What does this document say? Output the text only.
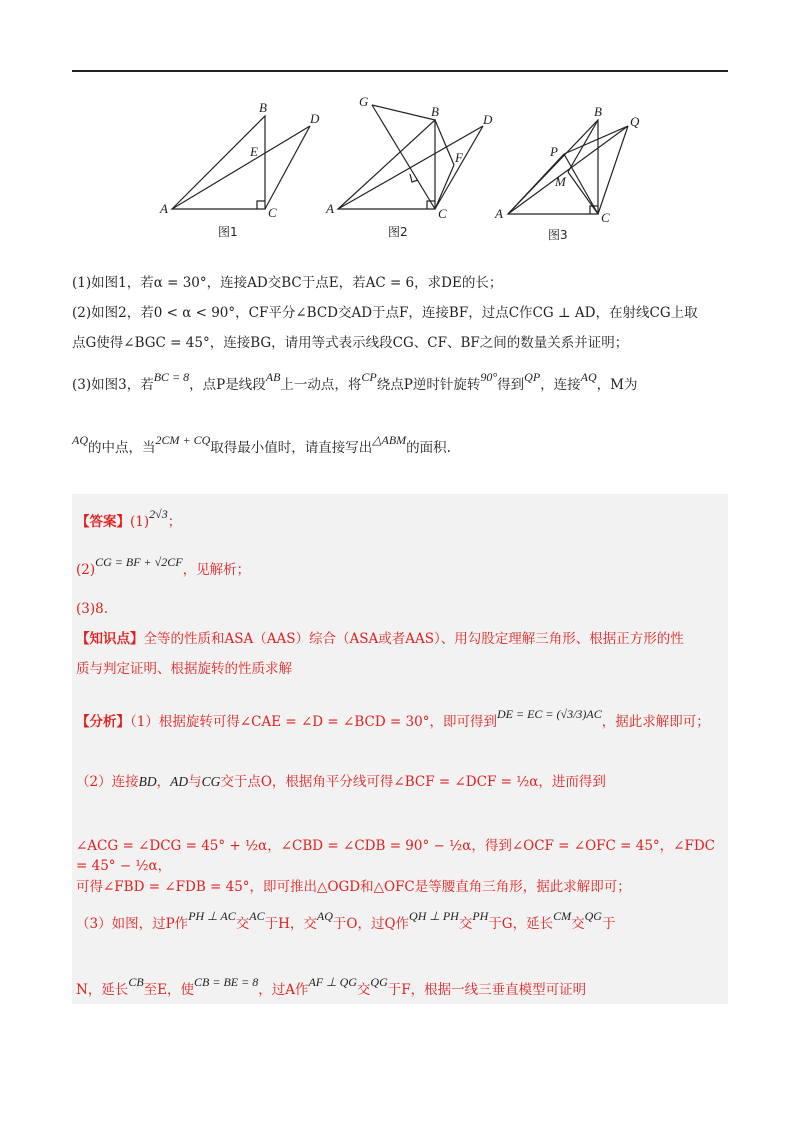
A
B
C
D
E
图1
A
B
C
D
F
G
图2
A
B
C
P
Q
M
图3
(1)如图1，若α = 30°，连接AD交BC于点E，若AC = 6，求DE的长；
(2)如图2，若0 < α < 90°，CF平分∠BCD交AD于点F，连接BF，过点C作CG ⊥ AD，在射线CG上取
点G使得∠BGC = 45°，连接BG，请用等式表示线段CG、CF、BF之间的数量关系并证明；
(3)如图3，若BC = 8，点P是线段AB上一动点，将CP绕点P逆时针旋转90°得到QP，连接AQ，M为
AQ的中点，当2CM + CQ取得最小值时，请直接写出△ABM的面积.
【答案】(1)2√3；
(2)CG = BF + √2CF，见解析；
(3)8.
【知识点】全等的性质和ASA（AAS）综合（ASA或者AAS）、用勾股定理解三角形、根据正方形的性
质与判定证明、根据旋转的性质求解
【分析】（1）根据旋转可得∠CAE = ∠D = ∠BCD = 30°，即可得到DE = EC = (√3/3)AC，据此求解即可；
（2）连接BD，AD与CG交于点O，根据角平分线可得∠BCF = ∠DCF = ½α，进而得到
∠ACG = ∠DCG = 45° + ½α，∠CBD = ∠CDB = 90° − ½α，得到∠OCF = ∠OFC = 45°，∠FDC = 45° − ½α，
可得∠FBD = ∠FDB = 45°，即可推出△OGD和△OFC是等腰直角三角形，据此求解即可；
（3）如图，过P作PH ⊥ AC交AC于H，交AQ于O，过Q作QH ⊥ PH交PH于G，延长CM交QG于
N，延长CB至E，使CB = BE = 8，过A作AF ⊥ QG交QG于F，根据一线三垂直模型可证明
